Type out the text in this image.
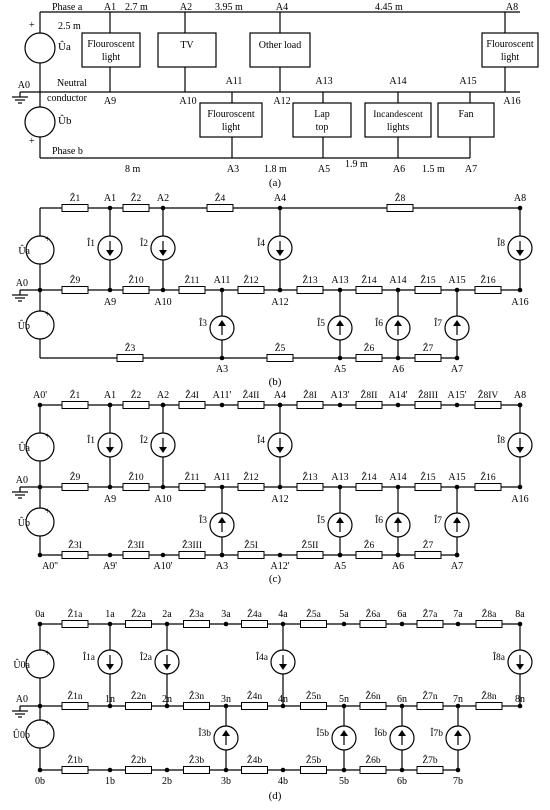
+
+
Ûa
Ûb
Flouroscent
light
TV	Other load	Flouroscent
light
Flouroscent
light
Lap
top
Incandescent
lights
Fan
Phase a
Phase b
Neutral
conductor
2.5 m
2.7 m	3.95 m	4.45 m
8 m	1.8 m	1.9 m	1.5 m
A1	A2	A4	A8
A0
A9	A10
A11
A12
A13	A14	A15
A16
A3	A5	A6	A7
(a)
+
Ûa
+
Ûb
Î1	Î2	Î4	Î8
Î3	Î5	Î6	Î7
Ẑ9	Ẑ10	Ẑ11	Ẑ12	Ẑ13	Ẑ14	Ẑ15	Ẑ16
Ẑ1	Ẑ2	Ẑ4	Ẑ8
Ẑ3	Ẑ5	Ẑ6	Ẑ7
A1	A2	A4	A8
A0
A9	A10
A11
A12
A13	A14	A15
A16
A3	A5	A6	A7
(b)
+
Ûa
+
Ûb
Î1	Î2	Î4	Î8
Î3	Î5	Î6	Î7
Ẑ9	Ẑ10	Ẑ11	Ẑ12	Ẑ13	Ẑ14	Ẑ15	Ẑ16
Ẑ1	Ẑ2	Ẑ4I	Ẑ4II	Ẑ8I	Ẑ8II	Ẑ8III	Ẑ8IV
Ẑ3I	Ẑ3II	Ẑ3III	Ẑ5I	Ẑ5II	Ẑ6	Ẑ7
A0'	A1	A2	A11'	A4	A13'	A14'	A15'	A8
A0
A9	A10
A11
A12
A13	A14	A15
A16
A0''	A9'	A10'	A3	A12'	A5	A6	A7
(c)
+
Û0a
+
Û0b
Î1a	Î2a	Î4a	Î8a
Î3b	Î5b	Î6b	Î7b
Ẑ1a	Ẑ2a	Ẑ3a	Ẑ4a	Ẑ5a	Ẑ6a	Ẑ7a	Ẑ8a
Ẑ1n	Ẑ2n	Ẑ3n	Ẑ4n	Ẑ5n	Ẑ6n	Ẑ7n	Ẑ8n
Ẑ1b	Ẑ2b	Ẑ3b	Ẑ4b	Ẑ5b	Ẑ6b	Ẑ7b
0a	1a	2a	3a	4a	5a	6a	7a	8a
A0	1n	2n	3n	4n	5n	6n	7n	8n
0b	1b	2b	3b	4b	5b	6b	7b
(d)
